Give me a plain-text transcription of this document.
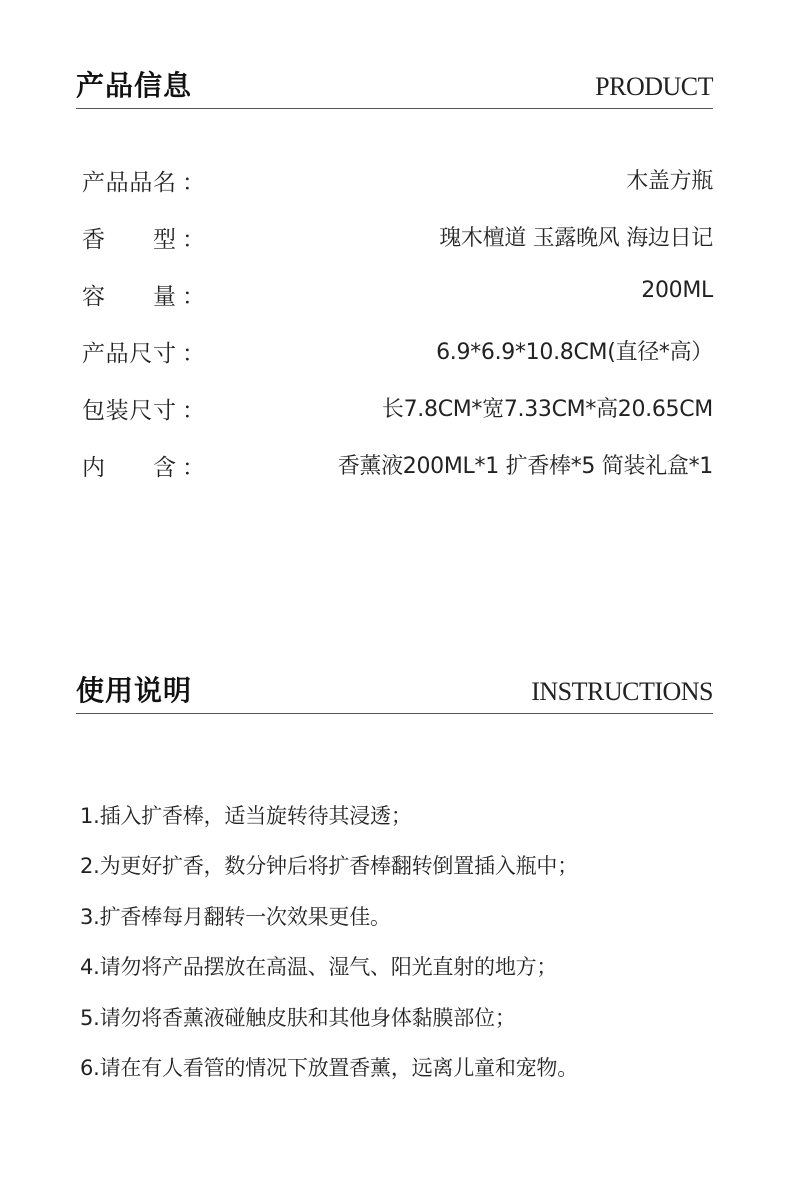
产品信息	PRODUCT
产 品 品 名 ：	木盖方瓶
香 型 ：	瑰木檀道 玉露晚风 海边日记
容 量 ：	200ML
产 品 尺 寸 ：	6.9*6.9*10.8CM(直径*高）
包 装 尺 寸 ：	长7.8CM*宽7.33CM*高20.65CM
内 含 ：	香薰液200ML*1 扩香棒*5 简装礼盒*1
使用说明	INSTRUCTIONS
1.插入扩香棒，适当旋转待其浸透；
2.为更好扩香，数分钟后将扩香棒翻转倒置插入瓶中；
3.扩香棒每月翻转一次效果更佳。
4.请勿将产品摆放在高温、湿气、阳光直射的地方；
5.请勿将香薰液碰触皮肤和其他身体黏膜部位；
6.请在有人看管的情况下放置香薰，远离儿童和宠物。
